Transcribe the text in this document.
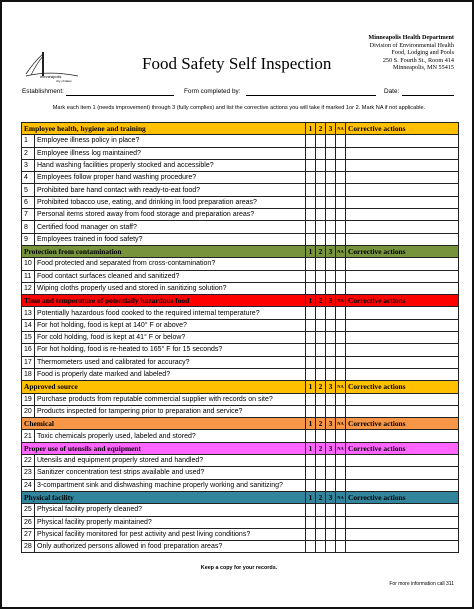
minneapolis
city of lakes
Food Safety Self Inspection
Minneapolis Health Department
Division of Environmental Health
Food, Lodging and Pools
250 S. Fourth St., Room 414
Minneapolis, MN 55415
Establishment:	Form completed by:	Date:
Mark each item 1 (needs improvement) through 3 (fully complies) and list the corrective actions you will take if marked 1or 2. Mark NA if not applicable.
Employee health, hygiene and training		1	2	3	NA	Corrective actions
1	Employee illness policy in place?					
2	Employee illness log maintained?					
3	Hand washing facilities properly stocked and accessible?					
4	Employees follow proper hand washing procedure?					
5	Prohibited bare hand contact with ready-to-eat food?					
6	Prohibited tobacco use, eating, and drinking in food preparation areas?					
7	Personal items stored away from food storage and preparation areas?					
8	Certified food manager on staff?					
9	Employees trained in food safety?					
Protection from contamination		1	2	3	NA	Corrective actions
10	Food protected and separated from cross-contamination?					
11	Food contact surfaces cleaned and sanitized?					
12	Wiping cloths properly used and stored in sanitizing solution?					
Time and temperature of potentially hazardous food		1	2	3	NA	Corrective actions
13	Potentially hazardous food cooked to the required internal temperature?					
14	For hot holding, food is kept at 140° F or above?					
15	For cold holding, food is kept at 41° F or below?					
16	For hot holding, food is re-heated to 165° F for 15 seconds?					
17	Thermometers used and calibrated for accuracy?					
18	Food is properly date marked and labeled?					
Approved source		1	2	3	NA	Corrective actions
19	Purchase products from reputable commercial supplier with records on site?					
20	Products inspected for tampering prior to preparation and service?					
Chemical		1	2	3	NA	Corrective actions
21	Toxic chemicals properly used, labeled and stored?					
Proper use of utensils and equipment		1	2	3	NA	Corrective actions
22	Utensils and equipment properly stored and handled?					
23	Sanitizer concentration test strips available and used?					
24	3-compartment sink and dishwashing machine properly working and sanitizing?					
Physical facility		1	2	3	NA	Corrective actions
25	Physical facility properly cleaned?					
26	Physical facility properly maintained?					
27	Physical facility monitored for pest activity and pest living conditions?					
28	Only authorized persons allowed in food preparation areas?					
Keep a copy for your records.
For more information call 311
